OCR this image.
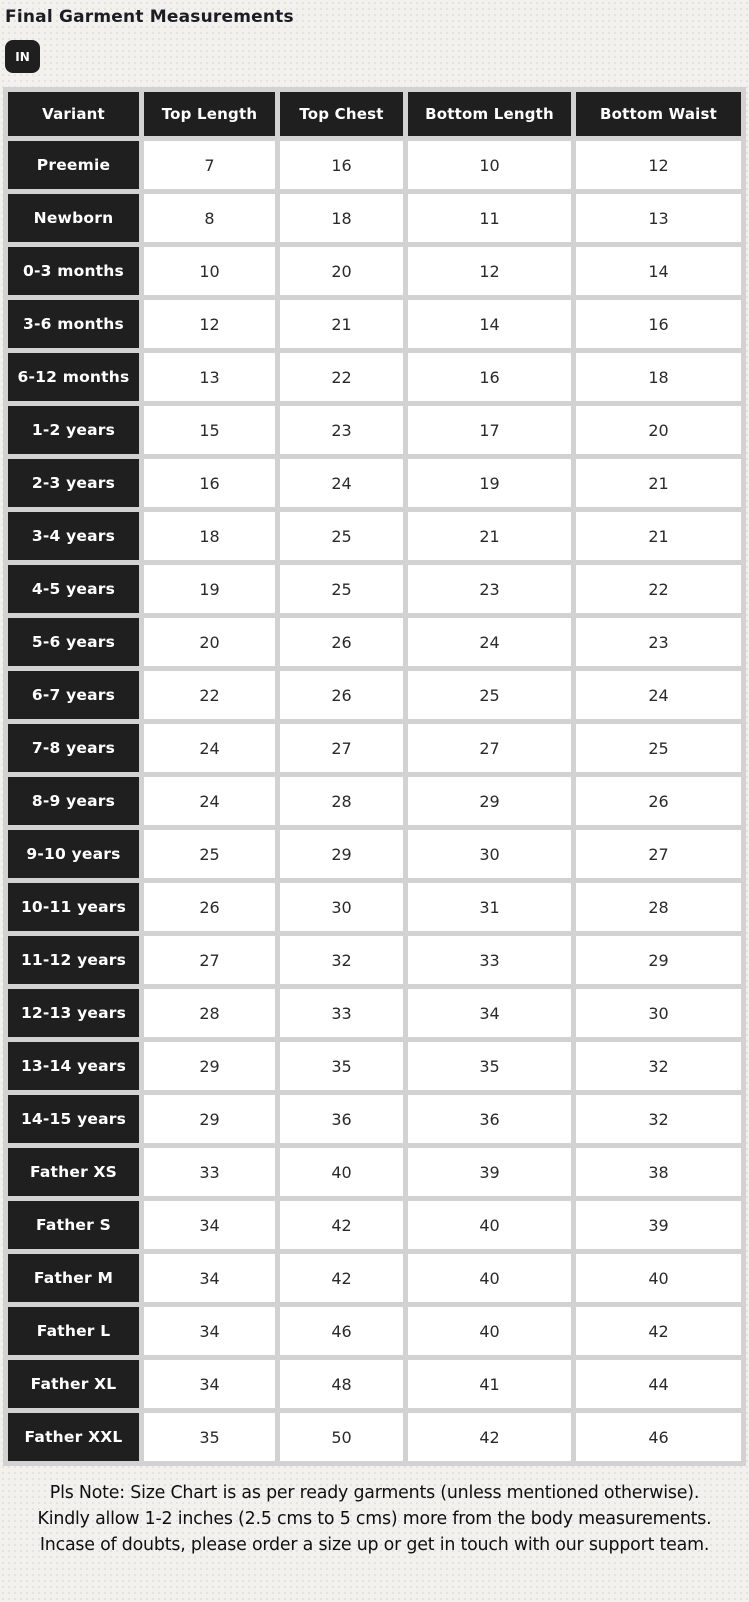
Final Garment Measurements
IN
Variant	Top Length	Top Chest	Bottom Length	Bottom Waist
Preemie	7	16	10	12
Newborn	8	18	11	13
0-3 months	10	20	12	14
3-6 months	12	21	14	16
6-12 months	13	22	16	18
1-2 years	15	23	17	20
2-3 years	16	24	19	21
3-4 years	18	25	21	21
4-5 years	19	25	23	22
5-6 years	20	26	24	23
6-7 years	22	26	25	24
7-8 years	24	27	27	25
8-9 years	24	28	29	26
9-10 years	25	29	30	27
10-11 years	26	30	31	28
11-12 years	27	32	33	29
12-13 years	28	33	34	30
13-14 years	29	35	35	32
14-15 years	29	36	36	32
Father XS	33	40	39	38
Father S	34	42	40	39
Father M	34	42	40	40
Father L	34	46	40	42
Father XL	34	48	41	44
Father XXL	35	50	42	46
Pls Note: Size Chart is as per ready garments (unless mentioned otherwise).
Kindly allow 1-2 inches (2.5 cms to 5 cms) more from the body measurements.
Incase of doubts, please order a size up or get in touch with our support team.
